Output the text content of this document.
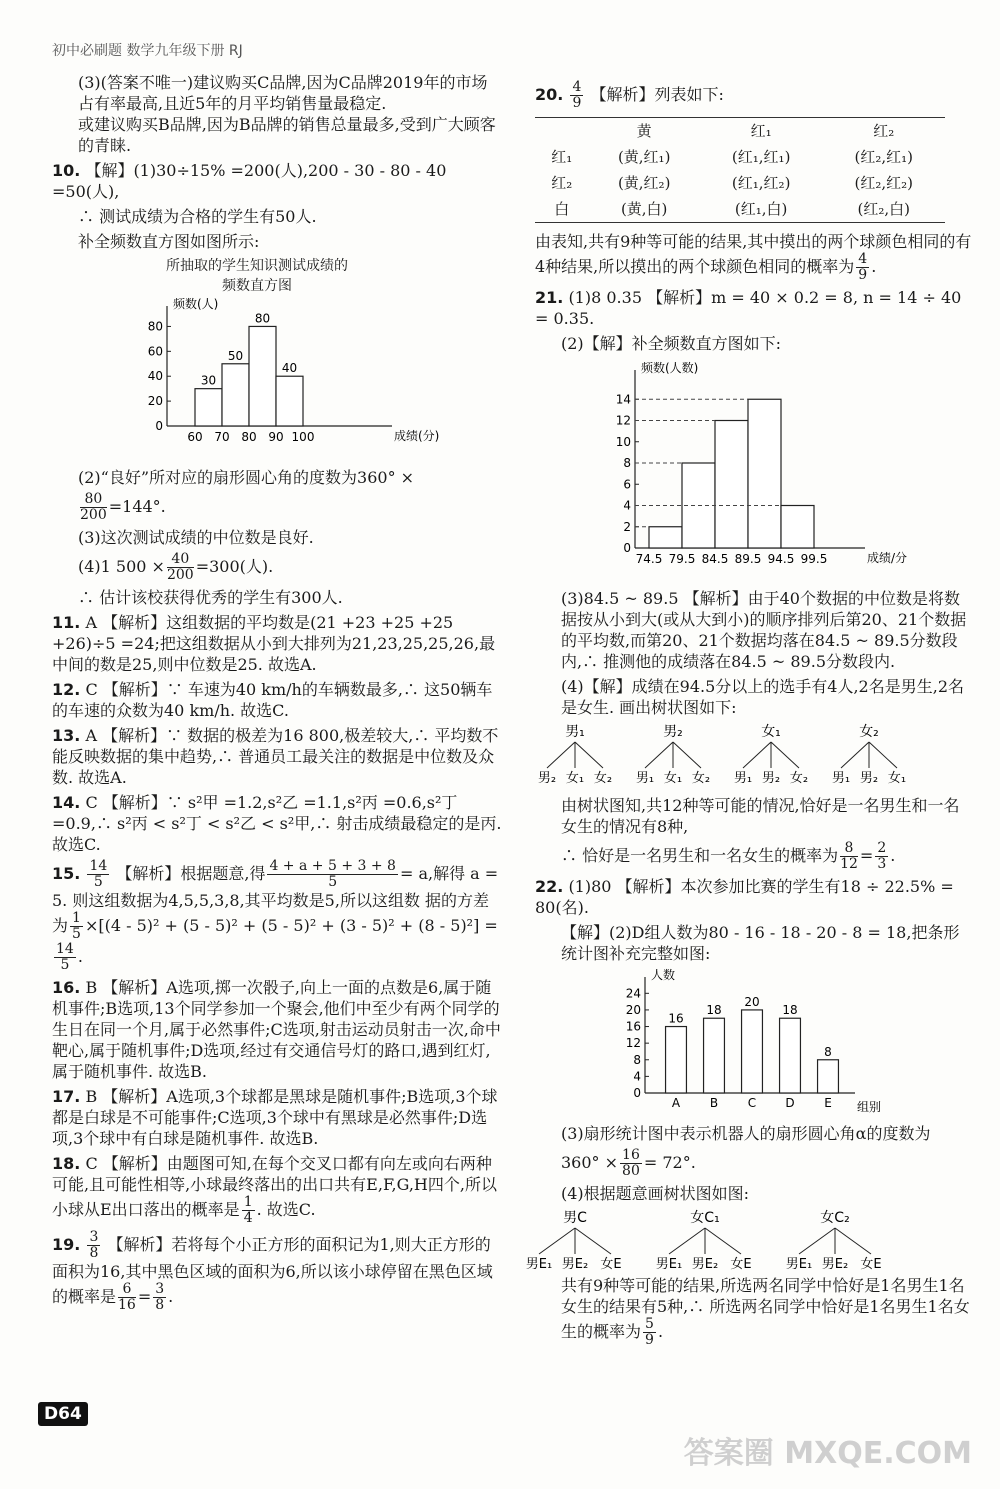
初中必刷题 数学九年级下册 RJ

(3)(答案不唯一)建议购买C品牌,因为C品牌2019年的市场占有率最高,且近5年的月平均销售量最稳定.

或建议购买B品牌,因为B品牌的销售总量最多,受到广大顾客的青睐.

10. 【解】(1)30÷15% =200(人),200 - 30 - 80 - 40 =50(人),

∴ 测试成绩为合格的学生有50人.

补全频数直方图如图所示:

所抽取的学生知识测试成绩的
频数直方图
频数(人)
成绩(分)
0
20
40
60
80
60 70 80 90 100
30
50
80
40

(2)“良好”所对应的扇形圆心角的度数为360° ×

$\frac{80}{200} =144^\circ$.

(3)这次测试成绩的中位数是良好.

(4)1 $500 \times \frac{40}{200} =300$(人).

∴ 估计该校获得优秀的学生有300人.

11. A 【解析】这组数据的平均数是(21 +23 +25 +25 +26)÷5 =24;把这组数据从小到大排列为21,23,25,25,26,最中间的数是25,则中位数是25. 故选A.

12. C 【解析】∵ 车速为40 km/h的车辆数最多,∴ 这50辆车的车速的众数为40 km/h. 故选C.

13. A 【解析】∵ 数据的极差为16 800,极差较大,∴ 平均数不能反映数据的集中趋势,∴ 普通员工最关注的数据是中位数及众数. 故选A.

14. C 【解析】∵ s²甲 =1.2,s²乙 =1.1,s²丙 =0.6,s²丁 =0.9,∴ s²丙 < s²丁 < s²乙 < s²甲,∴ 射击成绩最稳定的是丙. 故选C.

15. $\frac{14}{5}$ 【解析】根据题意,得 $\frac{4 + a + 5 + 3 + 8}{5} = a$,解得 a = 5. 则这组数据为4,5,5,3,8,其平均数是5,所以这组数 据的方差为 $\frac{1}{5} \times[(4 - 5)^2 + (5 - 5)^2 + (5 - 5)^2 + (3 - 5)^2 + (8 - 5)^2]$ =
$\frac{14}{5}$ .

16. B 【解析】A选项,掷一次骰子,向上一面的点数是6,属于随机事件;B选项,13个同学参加一个聚会,他们中至少有两个同学的生日在同一个月,属于必然事件;C选项,射击运动员射击一次,命中靶心,属于随机事件;D选项,经过有交通信号灯的路口,遇到红灯,属于随机事件. 故选B.

17. B 【解析】A选项,3个球都是黑球是随机事件;B选项,3个球都是白球是不可能事件;C选项,3个球中有黑球是必然事件;D选项,3个球中有白球是随机事件. 故选B.

18. C 【解析】由题图可知,在每个交叉口都有向左或向右两种可能,且可能性相等,小球最终落出的出口共有E,F,G,H四个,所以小球从E出口落出的概率是 $\frac{1}{4}$ . 故选C.

19. $\frac{3}{8}$ 【解析】若将每个小正方形的面积记为1,则大正方形的面积为16,其中黑色区域的面积为6,所以该小球停留在黑色区域的概率是 $\frac{6}{16} = \frac{3}{8}$ .

20. $\frac{4}{9}$ 【解析】列表如下:

	黄	红₁	红₂
红₁	(黄,红₁)	(红₁,红₁)	(红₂,红₁)
红₂	(黄,红₂)	(红₁,红₂)	(红₂,红₂)
白	(黄,白)	(红₁,白)	(红₂,白)

由表知,共有9种等可能的结果,其中摸出的两个球颜色相同的有4种结果,所以摸出的两个球颜色相同的概率为 $\frac{4}{9}$ .

21. (1)8 0.35 【解析】m = 40 × 0.2 = 8, n = 14 ÷ 40 = 0.35.

(2)【解】补全频数直方图如下:

频数(人数)
成绩/分
0
2
4
6
8
10
12
14
74.5 79.5 84.5 89.5 94.5 99.5

(3)84.5 ~ 89.5 【解析】由于40个数据的中位数是将数据按从小到大(或从大到小)的顺序排列后第20、21个数据的平均数,而第20、21个数据均落在84.5 ~ 89.5分数段内,∴ 推测他的成绩落在84.5 ~ 89.5分数段内.

(4)【解】成绩在94.5分以上的选手有4人,2名是男生,2名是女生. 画出树状图如下:

男₁
男₂ 女₁ 女₂
男₂
男₁ 女₁ 女₂
女₁
男₁ 男₂ 女₂
女₂
男₁ 男₂ 女₁

由树状图知,共12种等可能的情况,恰好是一名男生和一名女生的情况有8种,

∴ 恰好是一名男生和一名女生的概率为 $\frac{8}{12} = \frac{2}{3}$ .

22. (1)80 【解析】本次参加比赛的学生有18 ÷ 22.5% = 80(名).

【解】(2)D组人数为80 - 16 - 18 - 20 - 8 = 18,把条形统计图补充完整如图:

人数
组别
0
4
8
12
16
20
24
16
A
18
B
20
C
18
D
8
E

(3)扇形统计图中表示机器人的扇形圆心角α的度数为

$360^\circ \times \frac{16}{80} = 72^\circ$.

(4)根据题意画树状图如图:

男C
男E₁ 男E₂ 女E
女C₁
男E₁ 男E₂ 女E
女C₂
男E₁ 男E₂ 女E

共有9种等可能的结果,所选两名同学中恰好是1名男生1名女生的结果有5种,∴ 所选两名同学中恰好是1名男生1名女生的概率为 $\frac{5}{9}$ .

D64
答案圈 MXQE.COM
